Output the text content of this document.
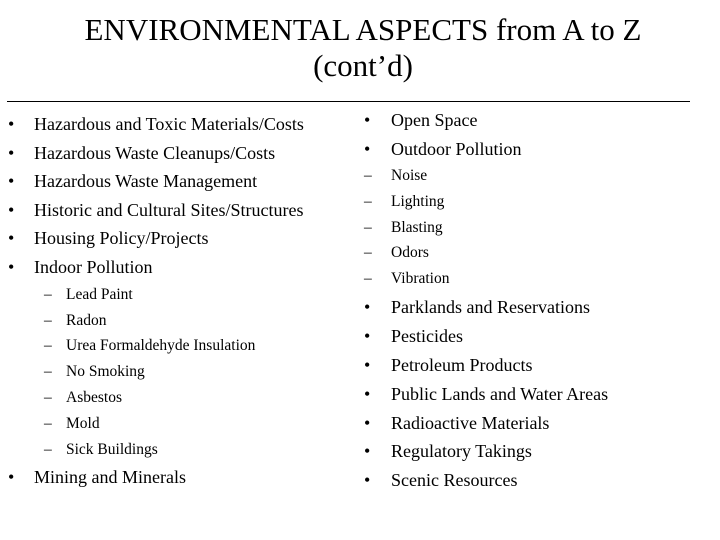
ENVIRONMENTAL ASPECTS from A to Z
(cont’d)
• Hazardous and Toxic Materials/Costs
• Hazardous Waste Cleanups/Costs
• Hazardous Waste Management
• Historic and Cultural Sites/Structures
• Housing Policy/Projects
• Indoor Pollution
– Lead Paint
– Radon
– Urea Formaldehyde Insulation
– No Smoking
– Asbestos
– Mold
– Sick Buildings
• Mining and Minerals
• Open Space
• Outdoor Pollution
– Noise
– Lighting
– Blasting
– Odors
– Vibration
• Parklands and Reservations
• Pesticides
• Petroleum Products
• Public Lands and Water Areas
• Radioactive Materials
• Regulatory Takings
• Scenic Resources
